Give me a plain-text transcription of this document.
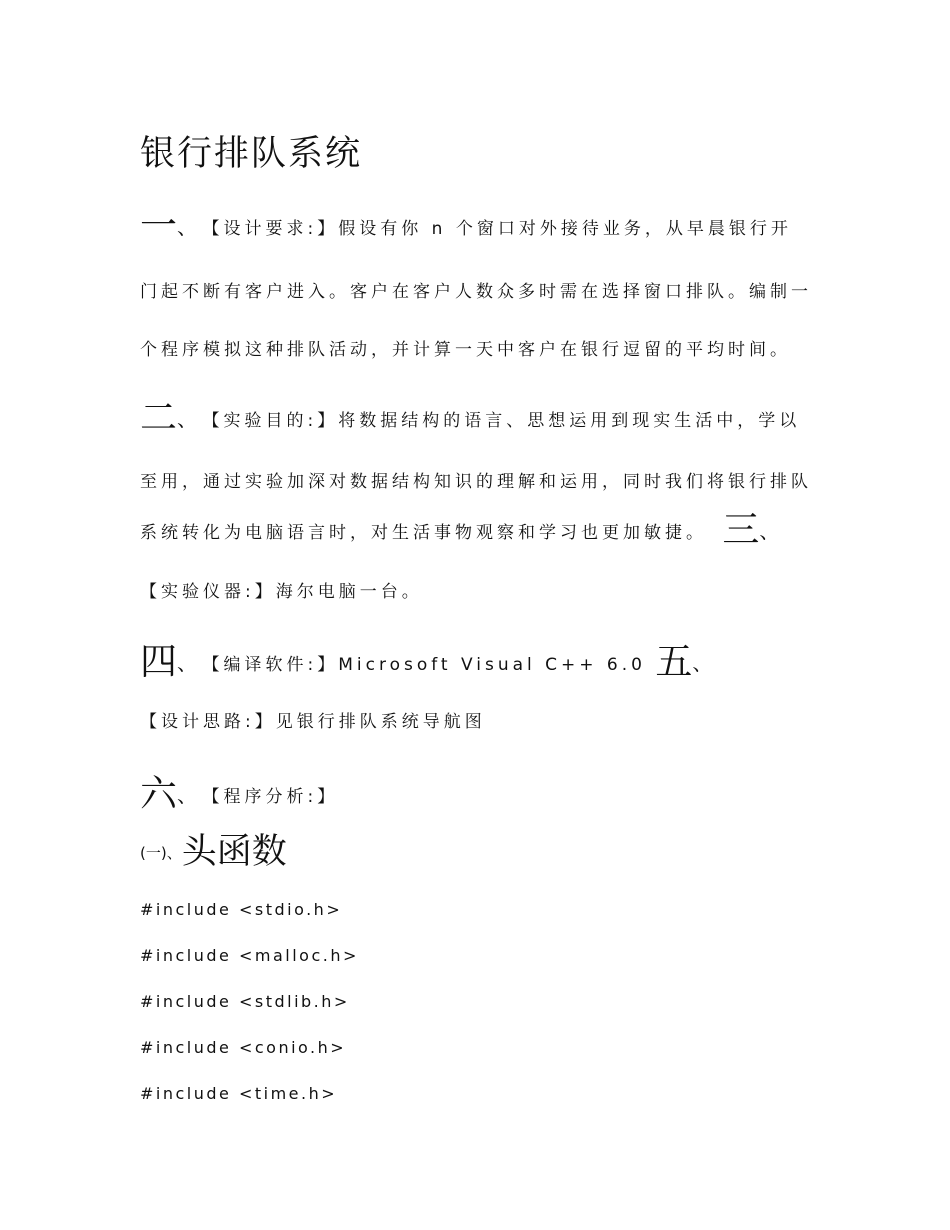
银行排队系统
一、 【设计要求:】假设有你 n 个窗口对外接待业务，从早晨银行开
门起不断有客户进入。客户在客户人数众多时需在选择窗口排队。编制一
个程序模拟这种排队活动，并计算一天中客户在银行逗留的平均时间。
二、 【实验目的:】将数据结构的语言、思想运用到现实生活中，学以
至用，通过实验加深对数据结构知识的理解和运用，同时我们将银行排队
系统转化为电脑语言时，对生活事物观察和学习也更加敏捷。 三、
【实验仪器:】海尔电脑一台。
四、 【编译软件:】Microsoft Visual C++ 6.0 五、
【设计思路:】见银行排队系统导航图
六、 【程序分析:】
(一)、头函数
#include <stdio.h>
#include <malloc.h>
#include <stdlib.h>
#include <conio.h>
#include <time.h>
